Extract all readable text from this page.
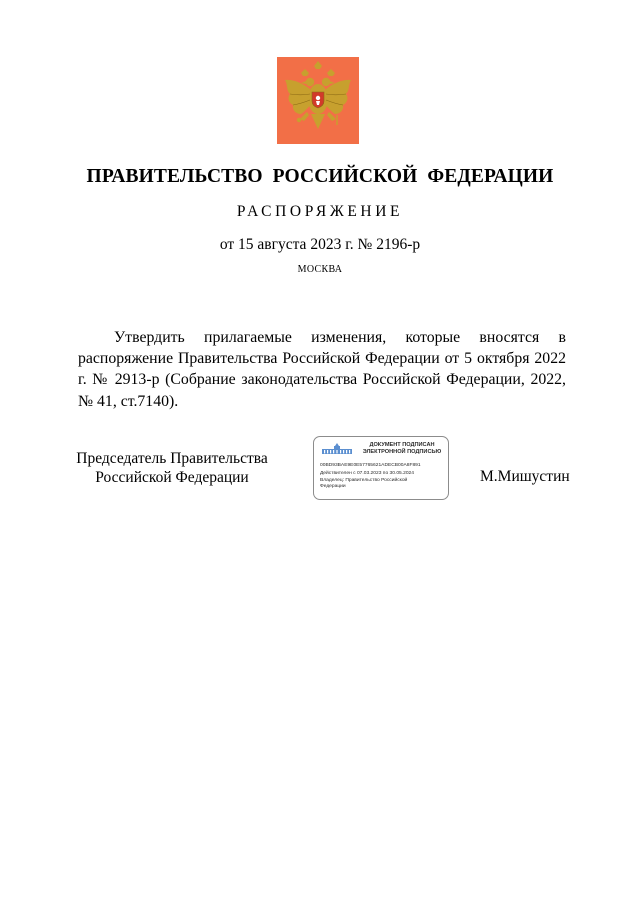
ПРАВИТЕЛЬСТВО РОССИЙСКОЙ ФЕДЕРАЦИИ
РАСПОРЯЖЕНИЕ
от 15 августа 2023 г. № 2196-р
МОСКВА

Утвердить прилагаемые изменения, которые вносятся в распоряжение Правительства Российской Федерации от 5 октября 2022 г. № 2913-р (Собрание законодательства Российской Федерации, 2022, № 41, ст.7140).

Председатель Правительства
Российской Федерации
ДОКУМЕНТ ПОДПИСАН
ЭЛЕКТРОННОЙ ПОДПИСЬЮ
00BD93BAE9E0E57765621ADECB00A8F891
Действителен с 07.03.2023 по 30.05.2024
Владелец: Правительство Российской
Федерации
М.Мишустин
